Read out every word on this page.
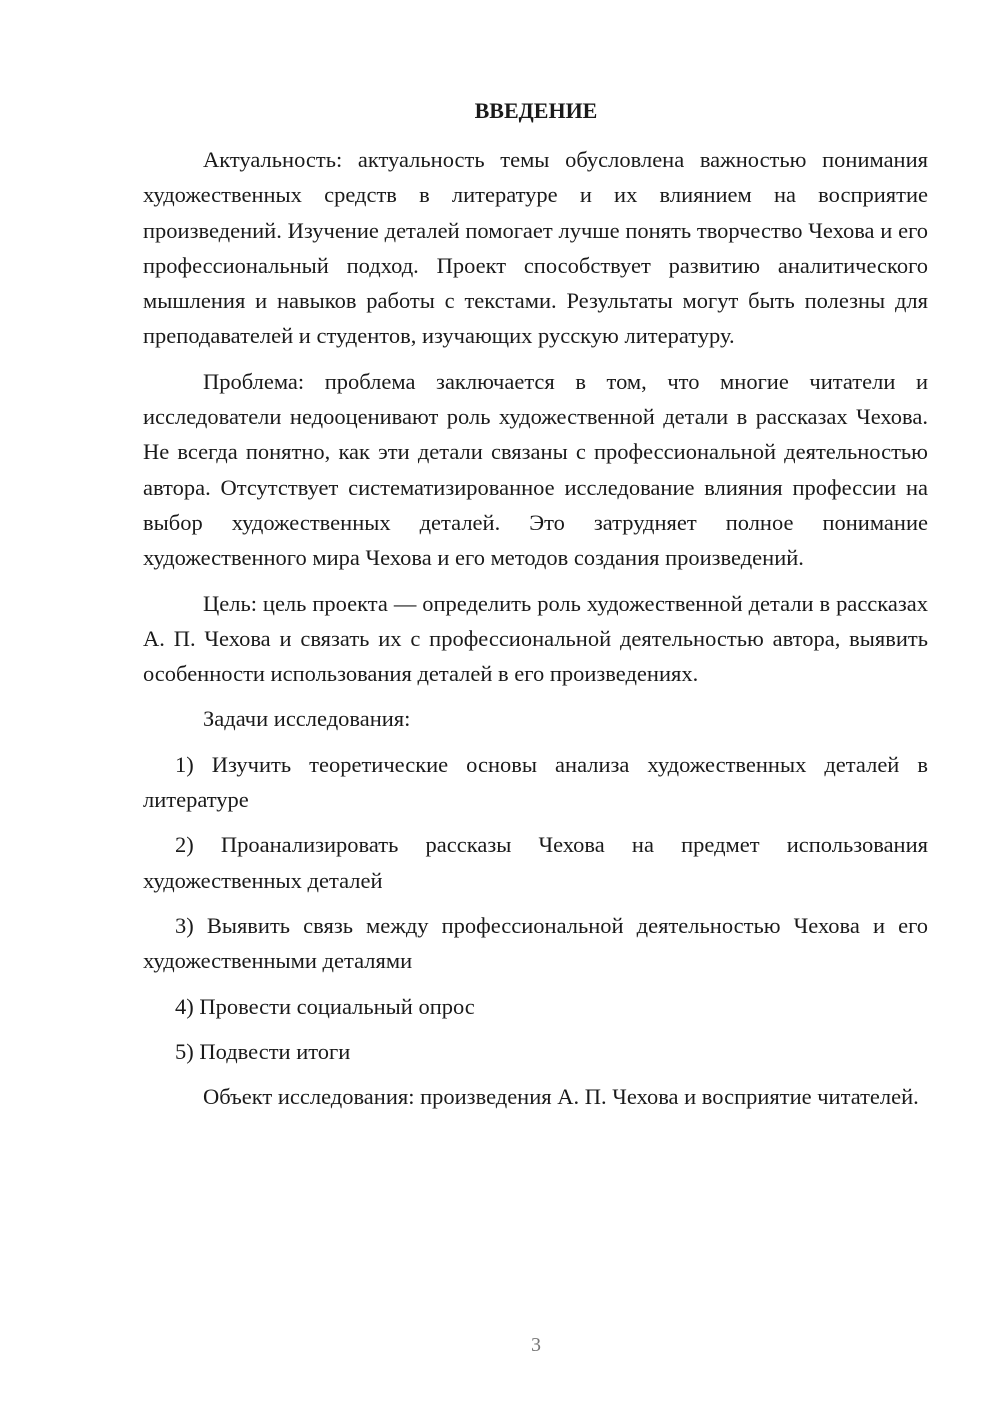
ВВЕДЕНИЕ

Актуальность: актуальность темы обусловлена важностью понимания художественных средств в литературе и их влиянием на восприятие произведений. Изучение деталей помогает лучше понять творчество Чехова и его профессиональный подход. Проект способствует развитию аналитического мышления и навыков работы с текстами. Результаты могут быть полезны для преподавателей и студентов, изучающих русскую литературу.

Проблема: проблема заключается в том, что многие читатели и исследователи недооценивают роль художественной детали в рассказах Чехова. Не всегда понятно, как эти детали связаны с профессиональной деятельностью автора. Отсутствует систематизированное исследование влияния профессии на выбор художественных деталей. Это затрудняет полное понимание художественного мира Чехова и его методов создания произведений.

Цель: цель проекта — определить роль художественной детали в рассказах А. П. Чехова и связать их с профессиональной деятельностью автора, выявить особенности использования деталей в его произведениях.

Задачи исследования:

1) Изучить теоретические основы анализа художественных деталей в литературе

2) Проанализировать рассказы Чехова на предмет использования художественных деталей

3) Выявить связь между профессиональной деятельностью Чехова и его художественными деталями

4) Провести социальный опрос

5) Подвести итоги

Объект исследования: произведения А. П. Чехова и восприятие читателей.

3
